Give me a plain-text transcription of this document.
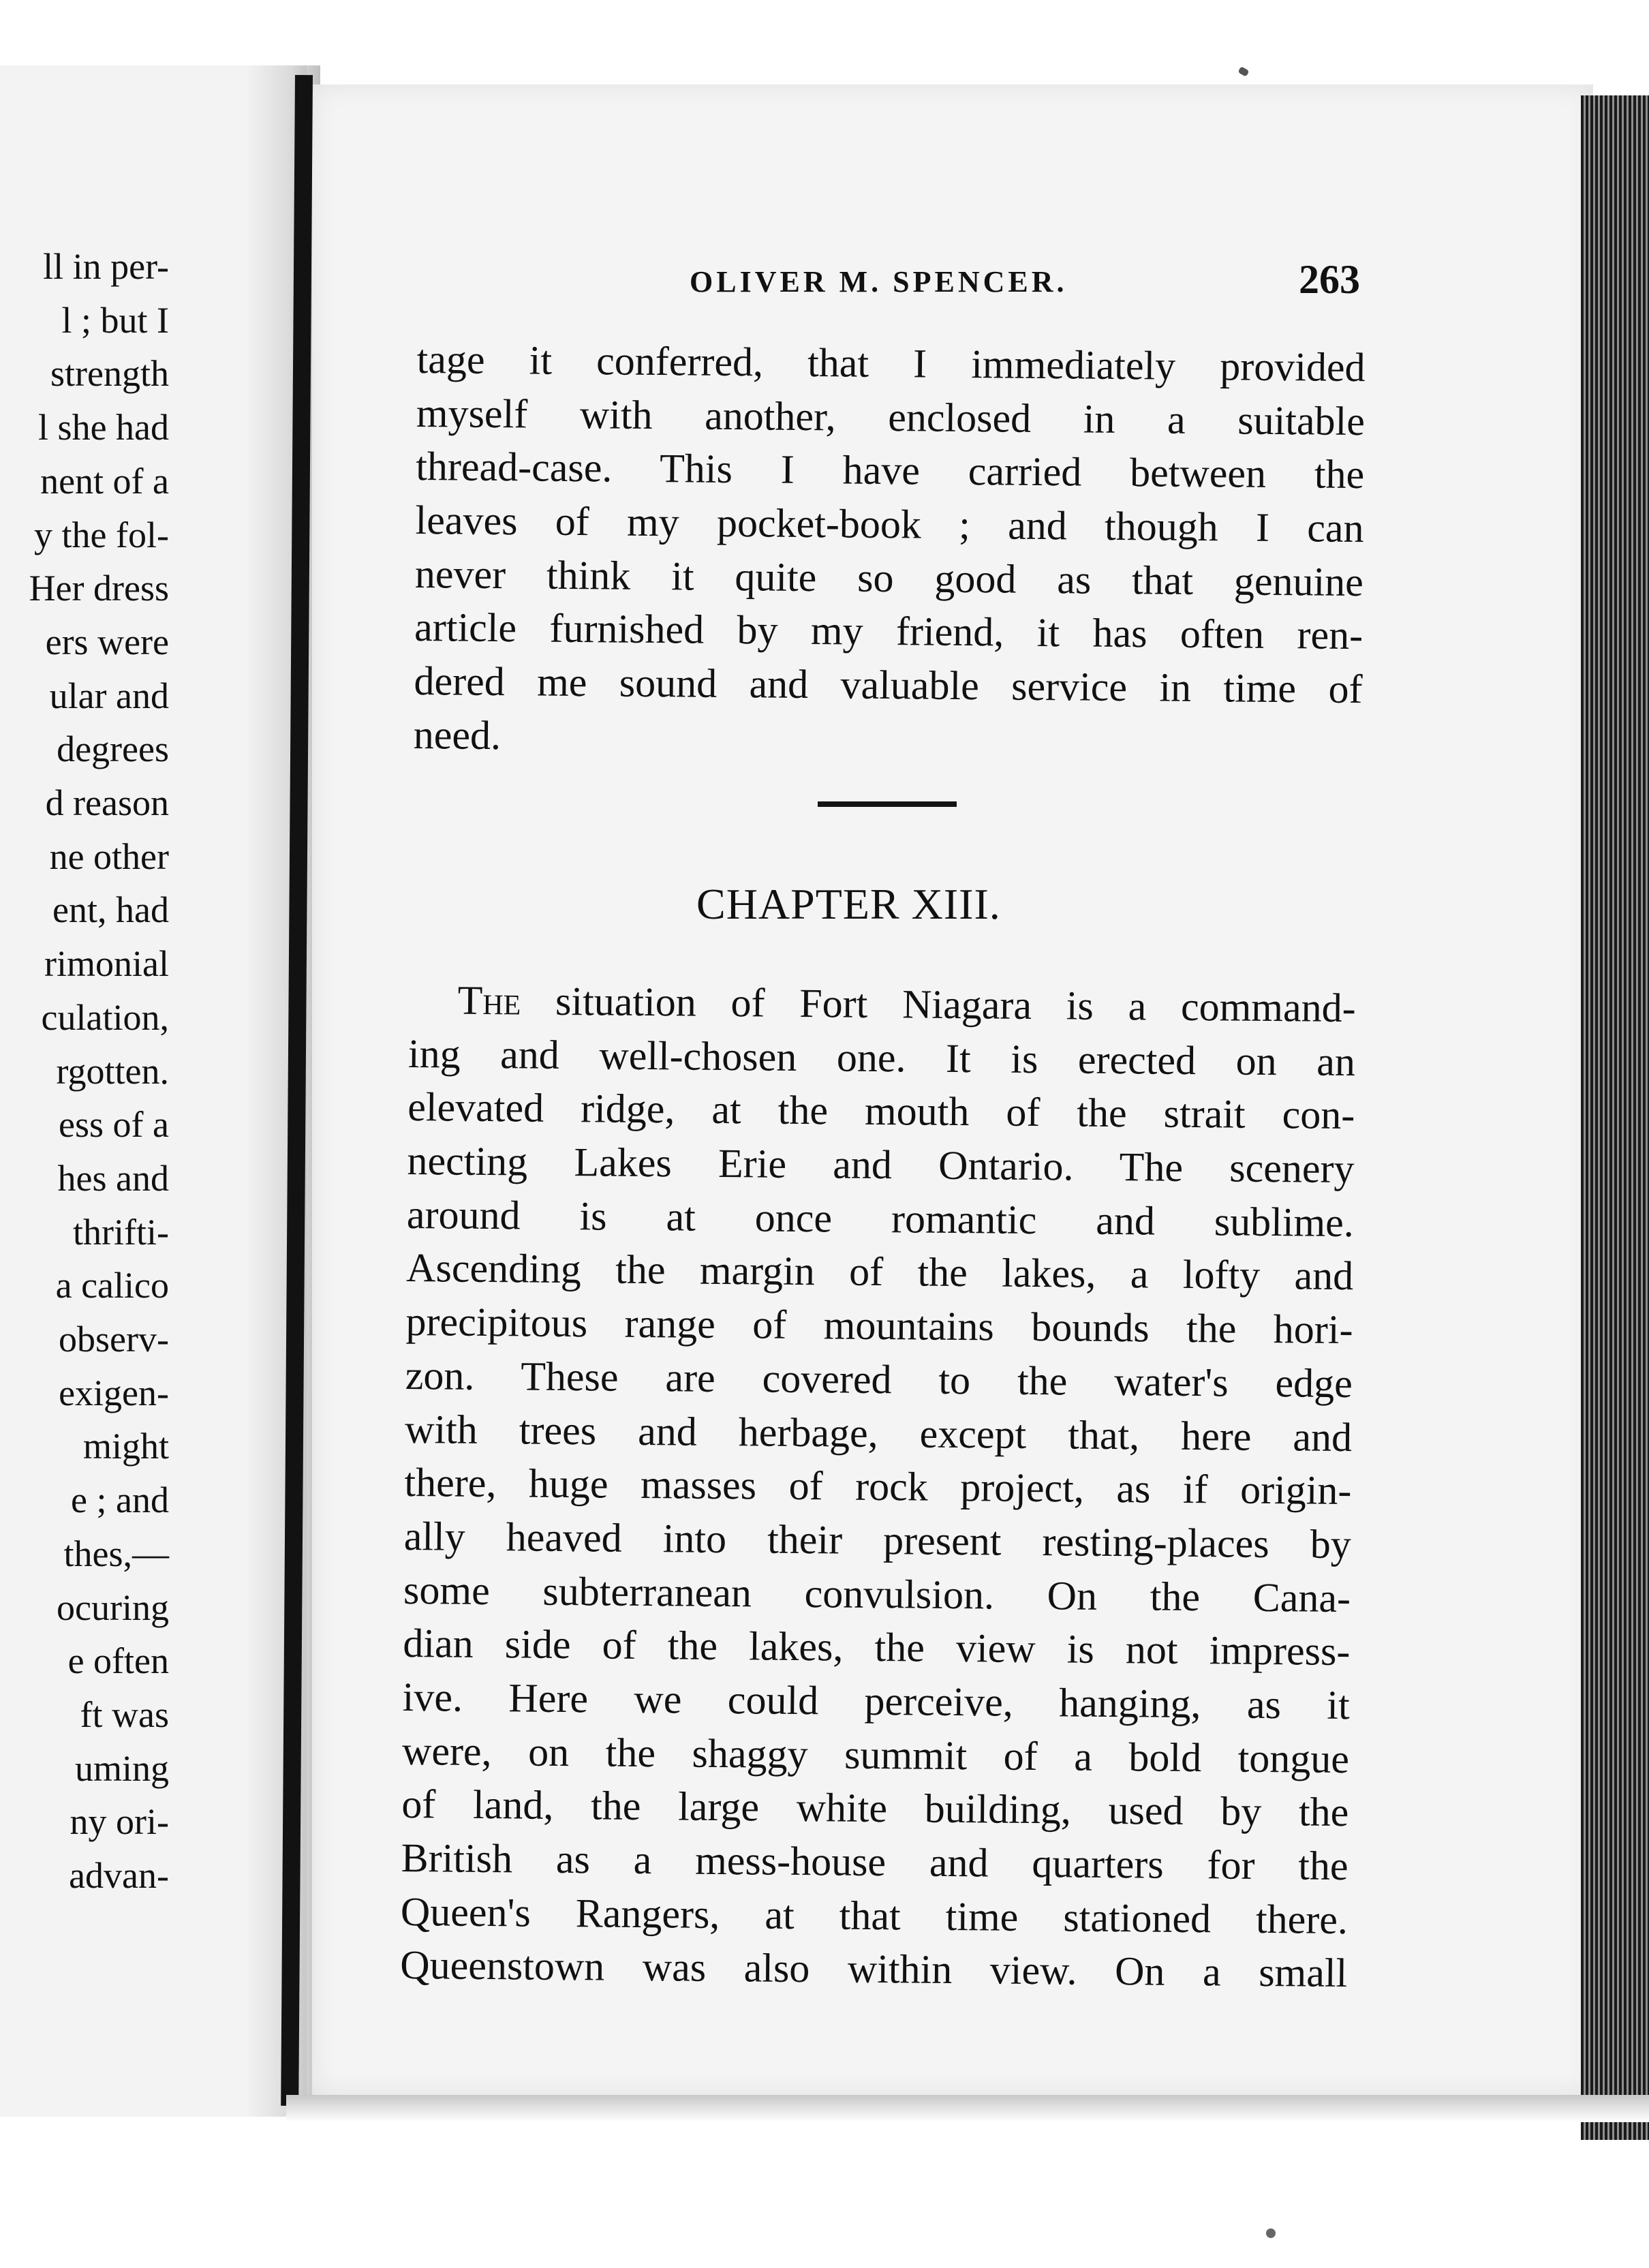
ll in per-
l ; but I
strength
l she had
nent of a
y the fol-
Her dress
ers were
ular and
degrees
d reason
ne other
ent, had
rimonial
culation,
rgotten.
ess of a
hes and
thrifti-
a calico
observ-
exigen-
might
e ; and
thes,—
ocuring
e often
ft was
uming
ny ori-
advan-
OLIVER M. SPENCER.	263
tage it conferred, that I immediately provided
myself with another, enclosed in a suitable
thread-case. This I have carried between the
leaves of my pocket-book ; and though I can
never think it quite so good as that genuine
article furnished by my friend, it has often ren-
dered me sound and valuable service in time of
need.
CHAPTER XIII.
The situation of Fort Niagara is a command-
ing and well-chosen one. It is erected on an
elevated ridge, at the mouth of the strait con-
necting Lakes Erie and Ontario. The scenery
around is at once romantic and sublime.
Ascending the margin of the lakes, a lofty and
precipitous range of mountains bounds the hori-
zon. These are covered to the water's edge
with trees and herbage, except that, here and
there, huge masses of rock project, as if origin-
ally heaved into their present resting-places by
some subterranean convulsion. On the Cana-
dian side of the lakes, the view is not impress-
ive. Here we could perceive, hanging, as it
were, on the shaggy summit of a bold tongue
of land, the large white building, used by the
British as a mess-house and quarters for the
Queen's Rangers, at that time stationed there.
Queenstown was also within view. On a small
